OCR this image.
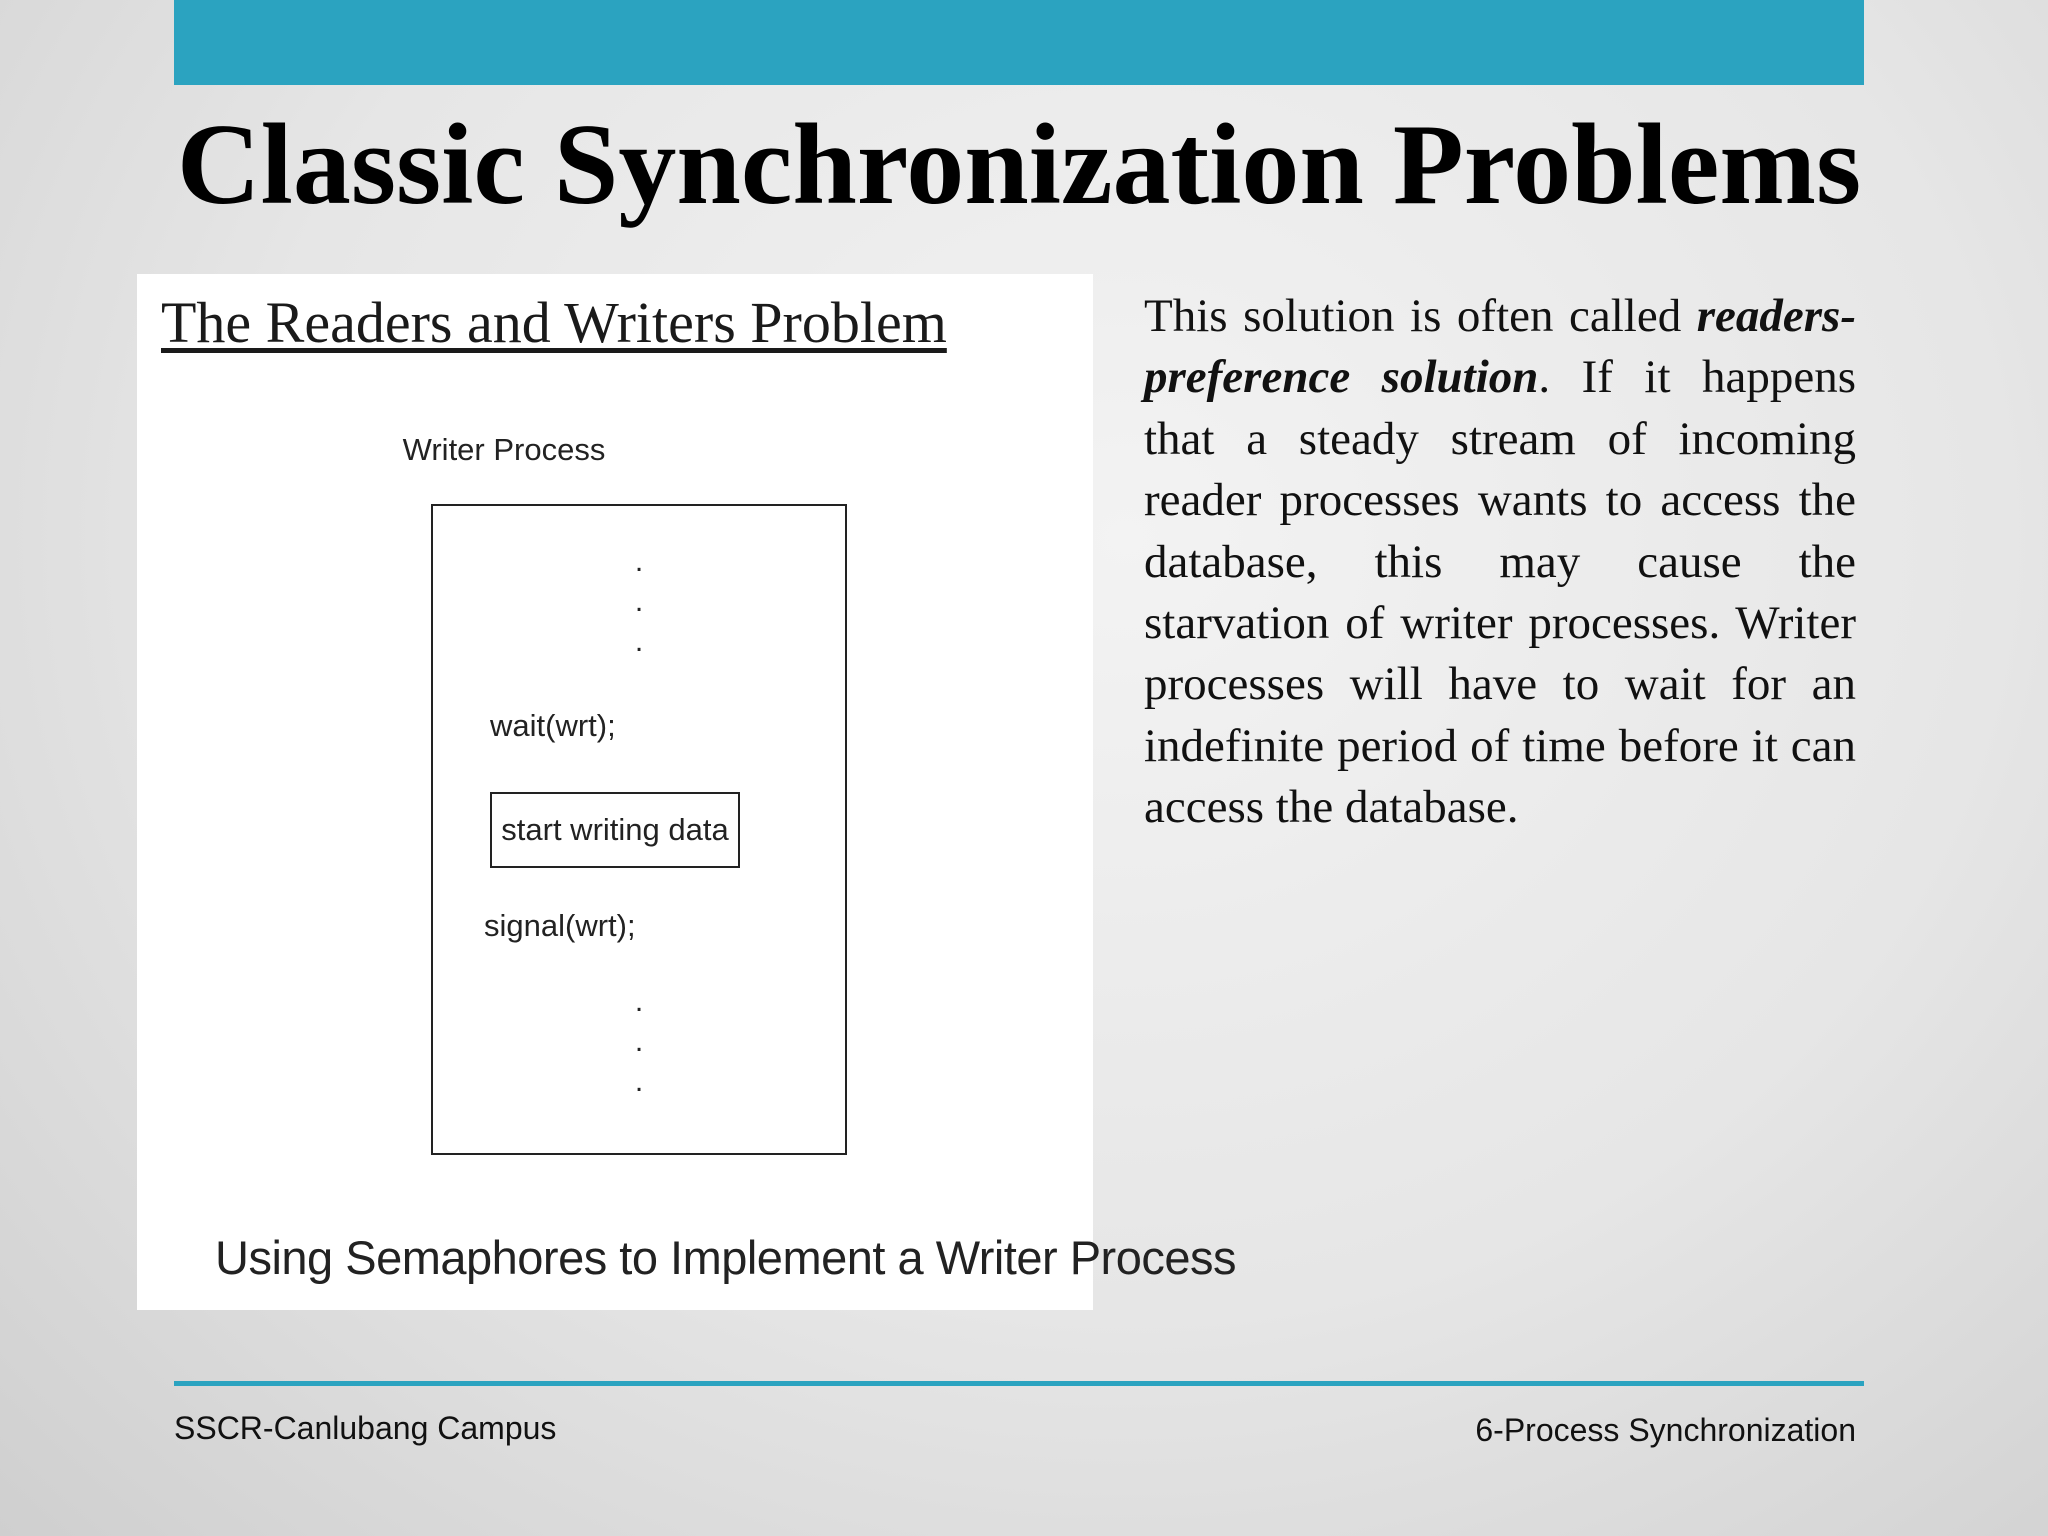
Classic Synchronization Problems
The Readers and Writers Problem
Writer Process
.
.
.
wait(wrt);
start writing data
signal(wrt);
.
.
.
Using Semaphores to Implement a Writer Process

This solution is often called readers-preference solution. If it happens that a steady stream of incoming reader processes wants to access the database, this may cause the starvation of writer processes. Writer processes will have to wait for an indefinite period of time before it can access the database.

SSCR-Canlubang Campus	6-Process Synchronization
